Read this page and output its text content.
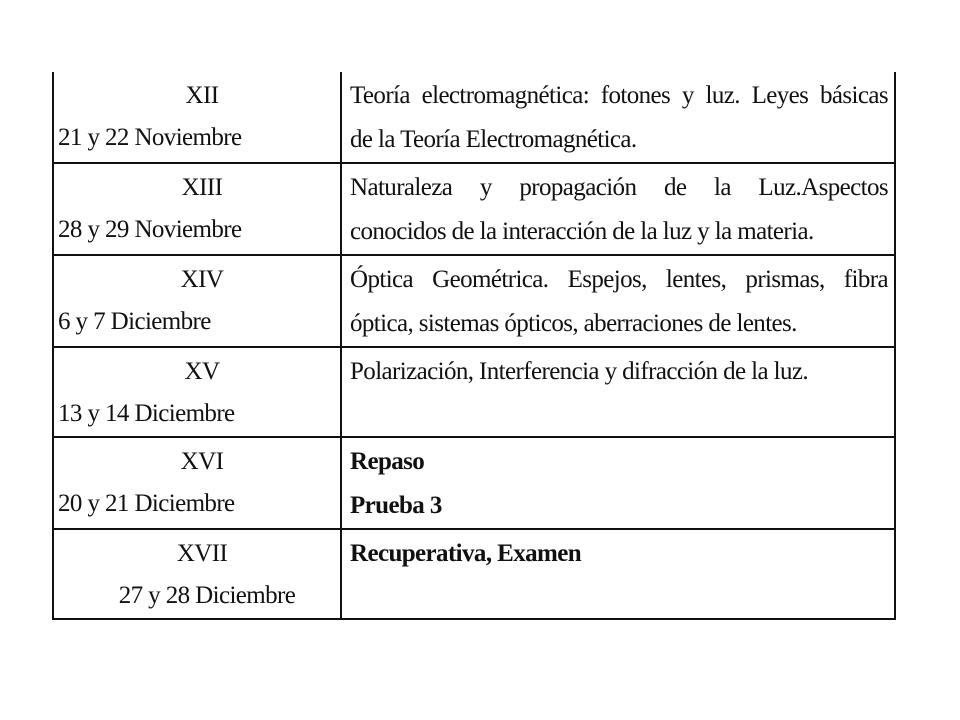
XII
21 y 22 Noviembre	Teoría electromagnética: fotones y luz. Leyes básicas
de la Teoría Electromagnética.

XIII
28 y 29 Noviembre	Naturaleza y propagación de la Luz.Aspectos
conocidos de la interacción de la luz y la materia.

XIV
6 y 7 Diciembre	Óptica Geométrica. Espejos, lentes, prismas, fibra
óptica, sistemas ópticos, aberraciones de lentes.

XV
13 y 14 Diciembre	Polarización, Interferencia y difracción de la luz.

XVI
20 y 21 Diciembre	Repaso
Prueba 3

XVII
27 y 28 Diciembre	Recuperativa, Examen
